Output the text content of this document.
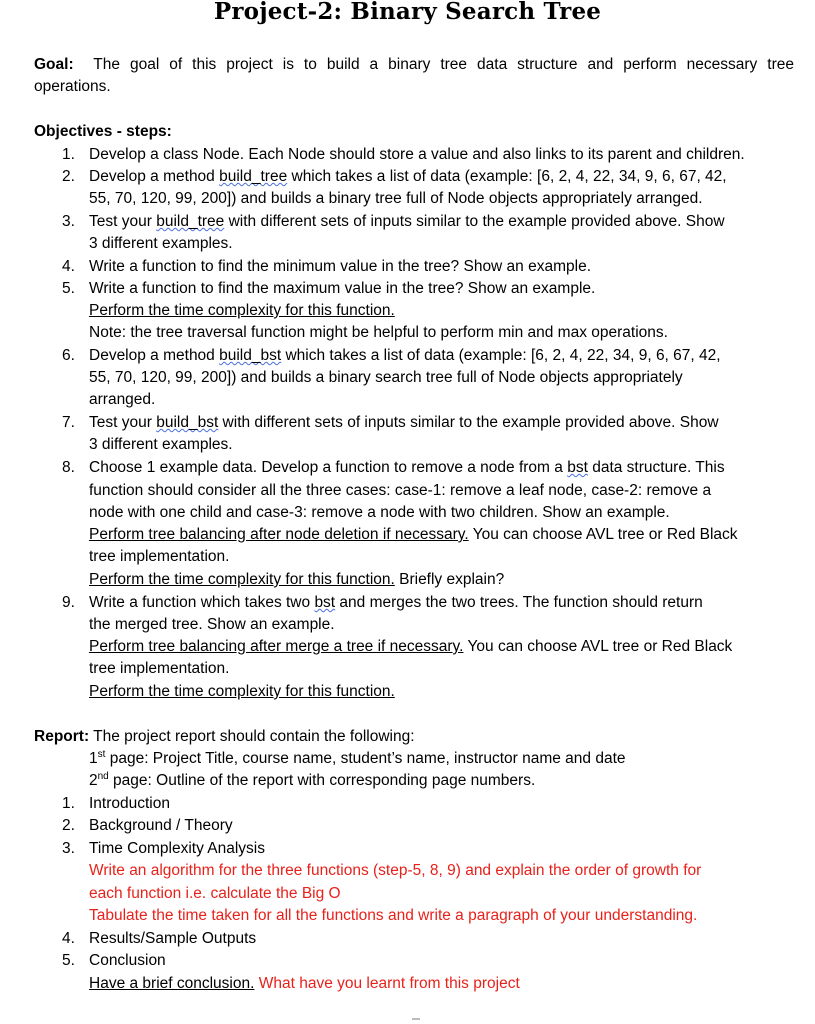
Project-2: Binary Search Tree
Goal: The goal of this project is to build a binary tree data structure and perform necessary tree
operations.
Objectives - steps:
1. Develop a class Node. Each Node should store a value and also links to its parent and children.
2. Develop a method build_tree which takes a list of data (example: [6, 2, 4, 22, 34, 9, 6, 67, 42,
55, 70, 120, 99, 200]) and builds a binary tree full of Node objects appropriately arranged.
3. Test your build_tree with different sets of inputs similar to the example provided above. Show
3 different examples.
4. Write a function to find the minimum value in the tree? Show an example.
5. Write a function to find the maximum value in the tree? Show an example.
Perform the time complexity for this function.
Note: the tree traversal function might be helpful to perform min and max operations.
6. Develop a method build_bst which takes a list of data (example: [6, 2, 4, 22, 34, 9, 6, 67, 42,
55, 70, 120, 99, 200]) and builds a binary search tree full of Node objects appropriately
arranged.
7. Test your build_bst with different sets of inputs similar to the example provided above. Show
3 different examples.
8. Choose 1 example data. Develop a function to remove a node from a bst data structure. This
function should consider all the three cases: case-1: remove a leaf node, case-2: remove a
node with one child and case-3: remove a node with two children. Show an example.
Perform tree balancing after node deletion if necessary. You can choose AVL tree or Red Black
tree implementation.
Perform the time complexity for this function. Briefly explain?
9. Write a function which takes two bst and merges the two trees. The function should return
the merged tree. Show an example.
Perform tree balancing after merge a tree if necessary. You can choose AVL tree or Red Black
tree implementation.
Perform the time complexity for this function.
Report: The project report should contain the following:
1st page: Project Title, course name, student’s name, instructor name and date
2nd page: Outline of the report with corresponding page numbers.
1. Introduction
2. Background / Theory
3. Time Complexity Analysis
Write an algorithm for the three functions (step-5, 8, 9) and explain the order of growth for
each function i.e. calculate the Big O
Tabulate the time taken for all the functions and write a paragraph of your understanding.
4. Results/Sample Outputs
5. Conclusion
Have a brief conclusion. What have you learnt from this project
